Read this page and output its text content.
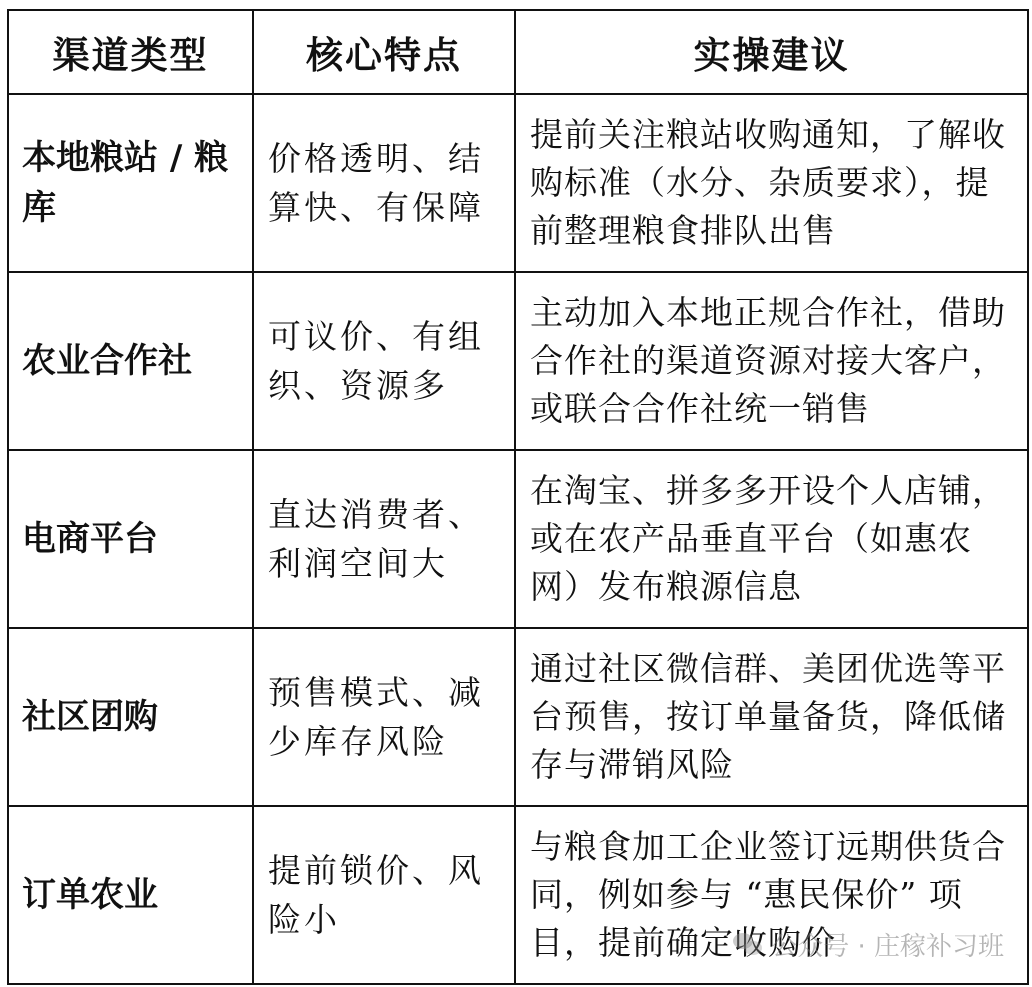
渠道类型	核心特点	实操建议
本地粮站 / 粮库	价格透明、结算快、有保障	提前关注粮站收购通知，了解收购标准（水分、杂质要求），提前整理粮食排队出售
农业合作社	可议价、有组织、资源多	主动加入本地正规合作社，借助合作社的渠道资源对接大客户，或联合合作社统一销售
电商平台	直达消费者、利润空间大	在淘宝、拼多多开设个人店铺，或在农产品垂直平台（如惠农网）发布粮源信息
社区团购	预售模式、减少库存风险	通过社区微信群、美团优选等平台预售，按订单量备货，降低储存与滞销风险
订单农业	提前锁价、风险小	与粮食加工企业签订远期供货合同，例如参与 “惠民保价” 项目，提前确定收购价
公众号 · 庄稼补习班
